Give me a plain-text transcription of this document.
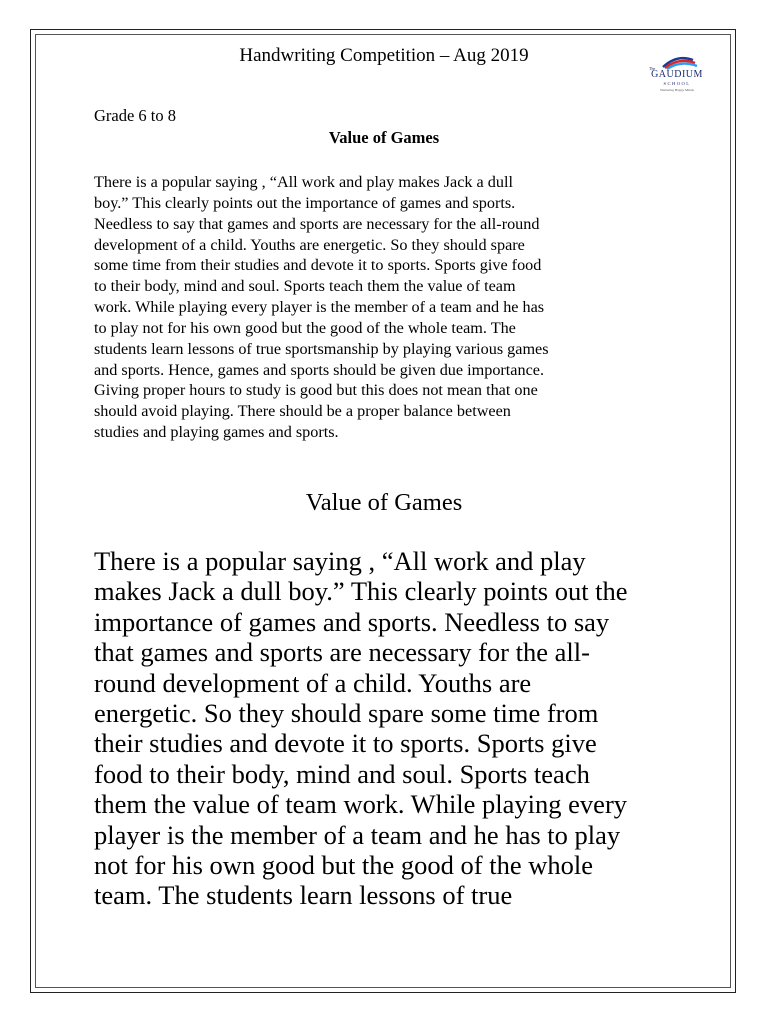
Handwriting Competition – Aug 2019
The
GAUDIUM
SCHOOL
Nurturing Happy Minds
Grade 6 to 8
Value of Games
There is a popular saying , “All work and play makes Jack a dull
boy.” This clearly points out the importance of games and sports.
Needless to say that games and sports are necessary for the all-round
development of a child. Youths are energetic. So they should spare
some time from their studies and devote it to sports. Sports give food
to their body, mind and soul. Sports teach them the value of team
work. While playing every player is the member of a team and he has
to play not for his own good but the good of the whole team. The
students learn lessons of true sportsmanship by playing various games
and sports. Hence, games and sports should be given due importance.
Giving proper hours to study is good but this does not mean that one
should avoid playing. There should be a proper balance between
studies and playing games and sports.
Value of Games
There is a popular saying , “All work and play
makes Jack a dull boy.” This clearly points out the
importance of games and sports. Needless to say
that games and sports are necessary for the all-
round development of a child. Youths are
energetic. So they should spare some time from
their studies and devote it to sports. Sports give
food to their body, mind and soul. Sports teach
them the value of team work. While playing every
player is the member of a team and he has to play
not for his own good but the good of the whole
team. The students learn lessons of true
